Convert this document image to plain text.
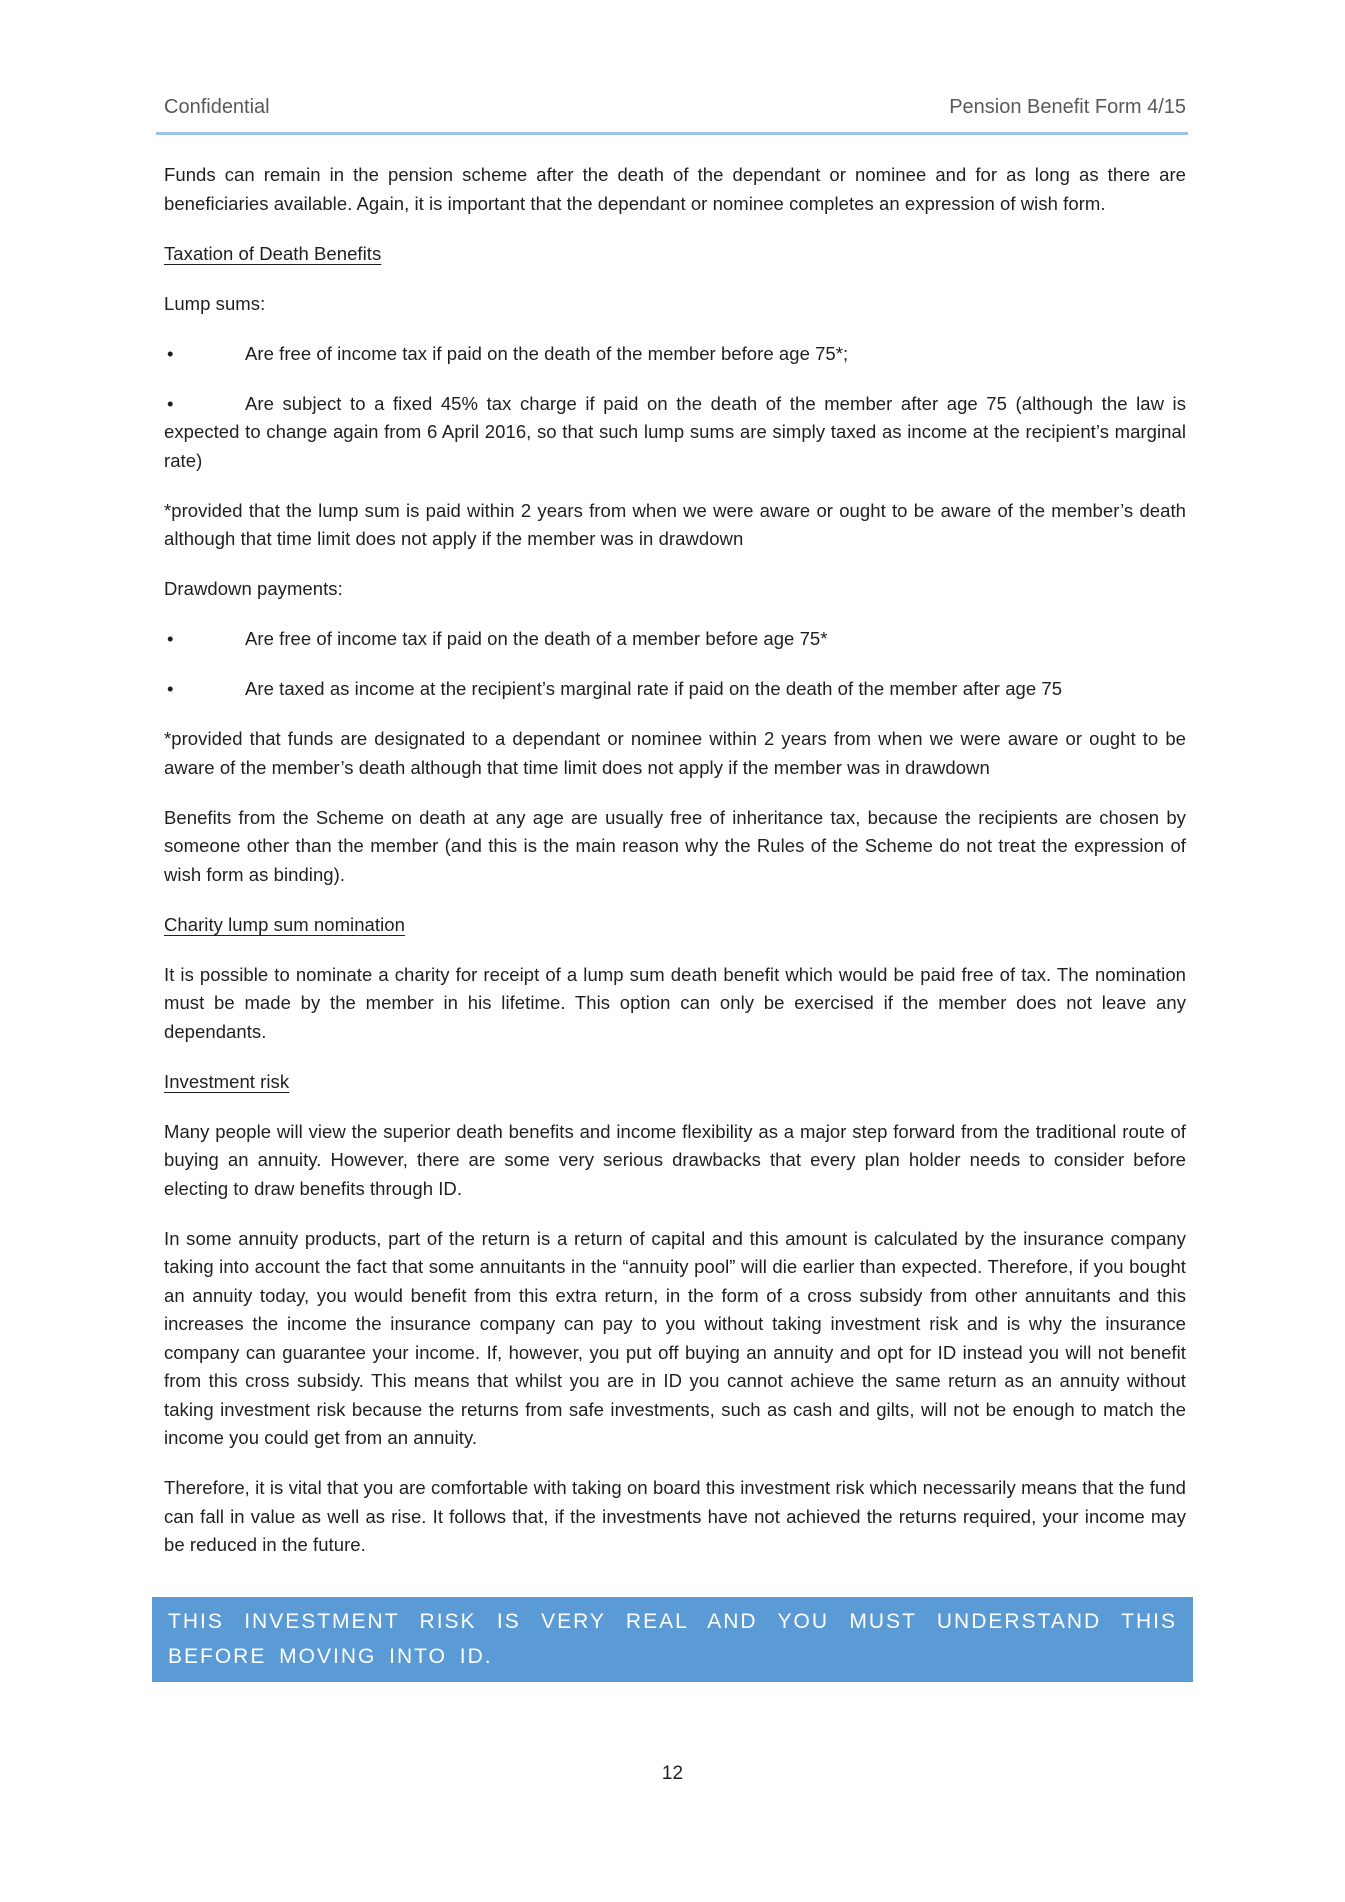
Confidential	Pension Benefit Form 4/15

Funds can remain in the pension scheme after the death of the dependant or nominee and for as long as there are beneficiaries available. Again, it is important that the dependant or nominee completes an expression of wish form.

Taxation of Death Benefits

Lump sums:

•	Are free of income tax if paid on the death of the member before age 75*;

•	Are subject to a fixed 45% tax charge if paid on the death of the member after age 75 (although the law is expected to change again from 6 April 2016, so that such lump sums are simply taxed as income at the recipient’s marginal rate)

*provided that the lump sum is paid within 2 years from when we were aware or ought to be aware of the member’s death although that time limit does not apply if the member was in drawdown

Drawdown payments:

•	Are free of income tax if paid on the death of a member before age 75*

•	Are taxed as income at the recipient’s marginal rate if paid on the death of the member after age 75

*provided that funds are designated to a dependant or nominee within 2 years from when we were aware or ought to be aware of the member’s death although that time limit does not apply if the member was in drawdown

Benefits from the Scheme on death at any age are usually free of inheritance tax, because the recipients are chosen by someone other than the member (and this is the main reason why the Rules of the Scheme do not treat the expression of wish form as binding).

Charity lump sum nomination

It is possible to nominate a charity for receipt of a lump sum death benefit which would be paid free of tax. The nomination must be made by the member in his lifetime. This option can only be exercised if the member does not leave any dependants.

Investment risk

Many people will view the superior death benefits and income flexibility as a major step forward from the traditional route of buying an annuity. However, there are some very serious drawbacks that every plan holder needs to consider before electing to draw benefits through ID.

In some annuity products, part of the return is a return of capital and this amount is calculated by the insurance company taking into account the fact that some annuitants in the “annuity pool” will die earlier than expected. Therefore, if you bought an annuity today, you would benefit from this extra return, in the form of a cross subsidy from other annuitants and this increases the income the insurance company can pay to you without taking investment risk and is why the insurance company can guarantee your income. If, however, you put off buying an annuity and opt for ID instead you will not benefit from this cross subsidy. This means that whilst you are in ID you cannot achieve the same return as an annuity without taking investment risk because the returns from safe investments, such as cash and gilts, will not be enough to match the income you could get from an annuity.

Therefore, it is vital that you are comfortable with taking on board this investment risk which necessarily means that the fund can fall in value as well as rise. It follows that, if the investments have not achieved the returns required, your income may be reduced in the future.

THIS INVESTMENT RISK IS VERY REAL AND YOU MUST UNDERSTAND THIS BEFORE MOVING INTO ID.
12
